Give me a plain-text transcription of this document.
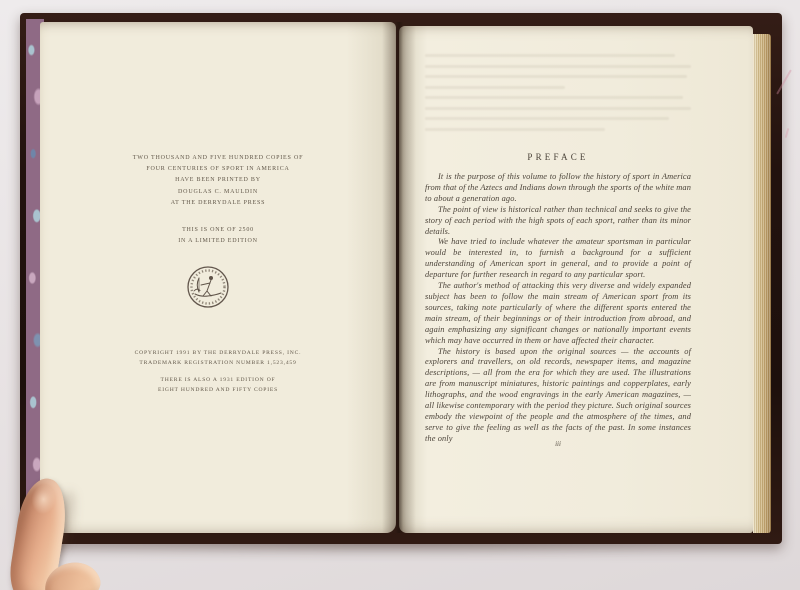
TWO THOUSAND AND FIVE HUNDRED COPIES OF
FOUR CENTURIES OF SPORT IN AMERICA
HAVE BEEN PRINTED BY
DOUGLAS C. MAULDIN
AT THE DERRYDALE PRESS
THIS IS ONE OF 2500
IN A LIMITED EDITION
COPYRIGHT 1991 BY THE DERRYDALE PRESS, INC.
TRADEMARK REGISTRATION NUMBER 1,523,459
THERE IS ALSO A 1931 EDITION OF
EIGHT HUNDRED AND FIFTY COPIES
PREFACE

It is the purpose of this volume to follow the history of sport in America from that of the Aztecs and Indians down through the sports of the white man to about a generation ago.

The point of view is historical rather than technical and seeks to give the story of each period with the high spots of each sport, rather than its minor details.

We have tried to include whatever the amateur sportsman in particular would be interested in, to furnish a background for a sufficient understanding of American sport in general, and to provide a point of departure for further research in regard to any particular sport.

The author's method of attacking this very diverse and widely expanded subject has been to follow the main stream of American sport from its sources, taking note particularly of where the different sports entered the main stream, of their beginnings or of their introduction from abroad, and again emphasizing any significant changes or nationally important events which may have occurred in them or have affected their character.

The history is based upon the original sources — the accounts of explorers and travellers, on old records, newspaper items, and magazine descriptions, — all from the era for which they are used. The illustrations are from manuscript miniatures, historic paintings and copperplates, early lithographs, and the wood engravings in the early American magazines, — all likewise contemporary with the period they picture. Such original sources embody the viewpoint of the people and the atmosphere of the times, and serve to give the feeling as well as the facts of the past. In some instances the only

iii
